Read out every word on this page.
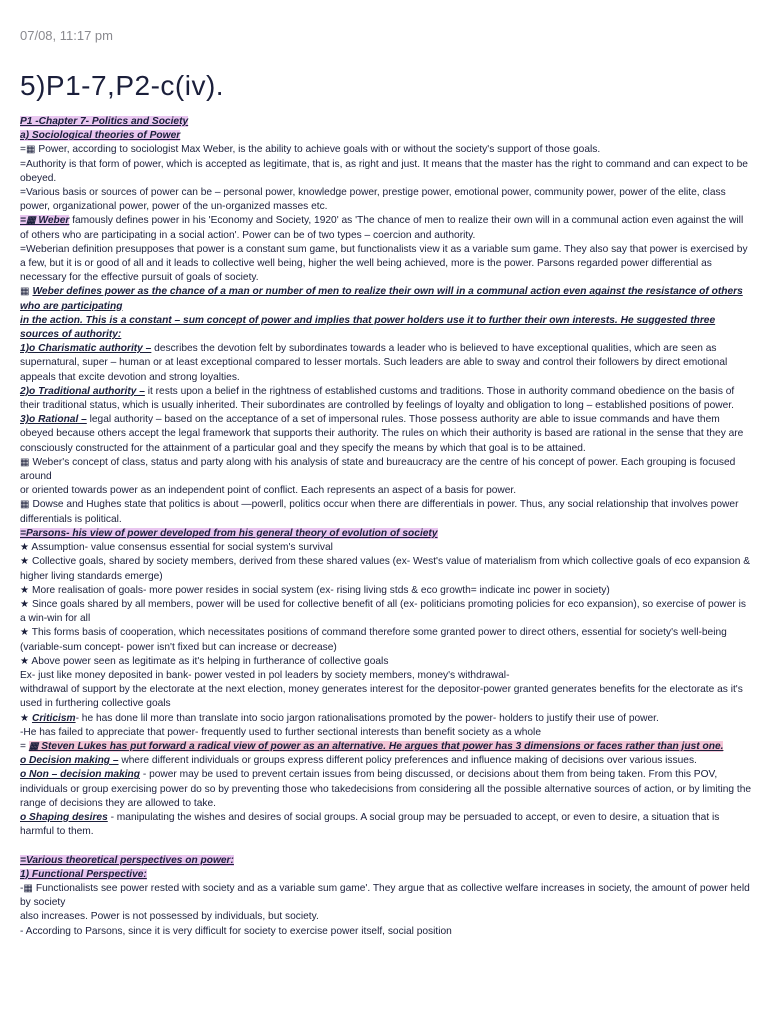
07/08, 11:17 pm
5)P1-7,P2-c(iv).

P1 -Chapter 7- Politics and Society

a) Sociological theories of Power

=▦ Power, according to sociologist Max Weber, is the ability to achieve goals with or without the society's support of those goals.

=Authority is that form of power, which is accepted as legitimate, that is, as right and just. It means that the master has the right to command and can expect to be obeyed.

=Various basis or sources of power can be – personal power, knowledge power, prestige power, emotional power, community power, power of the elite, class power, organizational power, power of the un-organized masses etc.

=▦ Weber famously defines power in his 'Economy and Society, 1920' as 'The chance of men to realize their own will in a communal action even against the will of others who are participating in a social action'. Power can be of two types – coercion and authority.

=Weberian definition presupposes that power is a constant sum game, but functionalists view it as a variable sum game. They also say that power is exercised by a few, but it is or good of all and it leads to collective well being, higher the well being achieved, more is the power. Parsons regarded power differential as necessary for the effective pursuit of goals of society.

▦ Weber defines power as the chance of a man or number of men to realize their own will in a communal action even against the resistance of others who are participating
in the action. This is a constant – sum concept of power and implies that power holders use it to further their own interests. He suggested three sources of authority:

1)o Charismatic authority – describes the devotion felt by subordinates towards a leader who is believed to have exceptional qualities, which are seen as supernatural, super – human or at least exceptional compared to lesser mortals. Such leaders are able to sway and control their followers by direct emotional appeals that excite devotion and strong loyalties.

2)o Traditional authority – it rests upon a belief in the rightness of established customs and traditions. Those in authority command obedience on the basis of

their traditional status, which is usually inherited. Their subordinates are controlled by feelings of loyalty and obligation to long – established positions of power.

3)o Rational – legal authority – based on the acceptance of a set of impersonal rules. Those possess authority are able to issue commands and have them

obeyed because others accept the legal framework that supports their authority. The rules on which their authority is based are rational in the sense that they are consciously constructed for the attainment of a particular goal and they specify the means by which that goal is to be attained.

▦ Weber's concept of class, status and party along with his analysis of state and bureaucracy are the centre of his concept of power. Each grouping is focused around

or oriented towards power as an independent point of conflict. Each represents an aspect of a basis for power.

▦ Dowse and Hughes state that politics is about ―power‖, politics occur when there are differentials in power. Thus, any social relationship that involves power differentials is political.

=Parsons- his view of power developed from his general theory of evolution of society

★ Assumption- value consensus essential for social system's survival

★ Collective goals, shared by society members, derived from these shared values (ex- West's value of materialism from which collective goals of eco expansion & higher living standards emerge)

★ More realisation of goals- more power resides in social system (ex- rising living stds & eco growth= indicate inc power in society)

★ Since goals shared by all members, power will be used for collective benefit of all (ex- politicians promoting policies for eco expansion), so exercise of power is a win-win for all

★ This forms basis of cooperation, which necessitates positions of command therefore some granted power to direct others, essential for society's well-being

(variable-sum concept- power isn't fixed but can increase or decrease)

★ Above power seen as legitimate as it's helping in furtherance of collective goals

Ex- just like money deposited in bank- power vested in pol leaders by society members, money's withdrawal-

withdrawal of support by the electorate at the next election, money generates interest for the depositor-power granted generates benefits for the electorate as it's used in furthering collective goals

★ Criticism- he has done lil more than translate into socio jargon rationalisations promoted by the power- holders to justify their use of power.

-He has failed to appreciate that power- frequently used to further sectional interests than benefit society as a whole

= ▦ Steven Lukes has put forward a radical view of power as an alternative. He argues that power has 3 dimensions or faces rather than just one.

o Decision making – where different individuals or groups express different policy preferences and influence making of decisions over various issues.

o Non – decision making - power may be used to prevent certain issues from being discussed, or decisions about them from being taken. From this POV, individuals or group exercising power do so by preventing those who takedecisions from considering all the possible alternative sources of action, or by limiting the range of decisions they are allowed to take.

o Shaping desires - manipulating the wishes and desires of social groups. A social group may be persuaded to accept, or even to desire, a situation that is harmful to them.

=Various theoretical perspectives on power:

1) Functional Perspective:

-▦ Functionalists see power rested with society and as a variable sum game'. They argue that as collective welfare increases in society, the amount of power held by society

also increases. Power is not possessed by individuals, but society.

- According to Parsons, since it is very difficult for society to exercise power itself, social position
